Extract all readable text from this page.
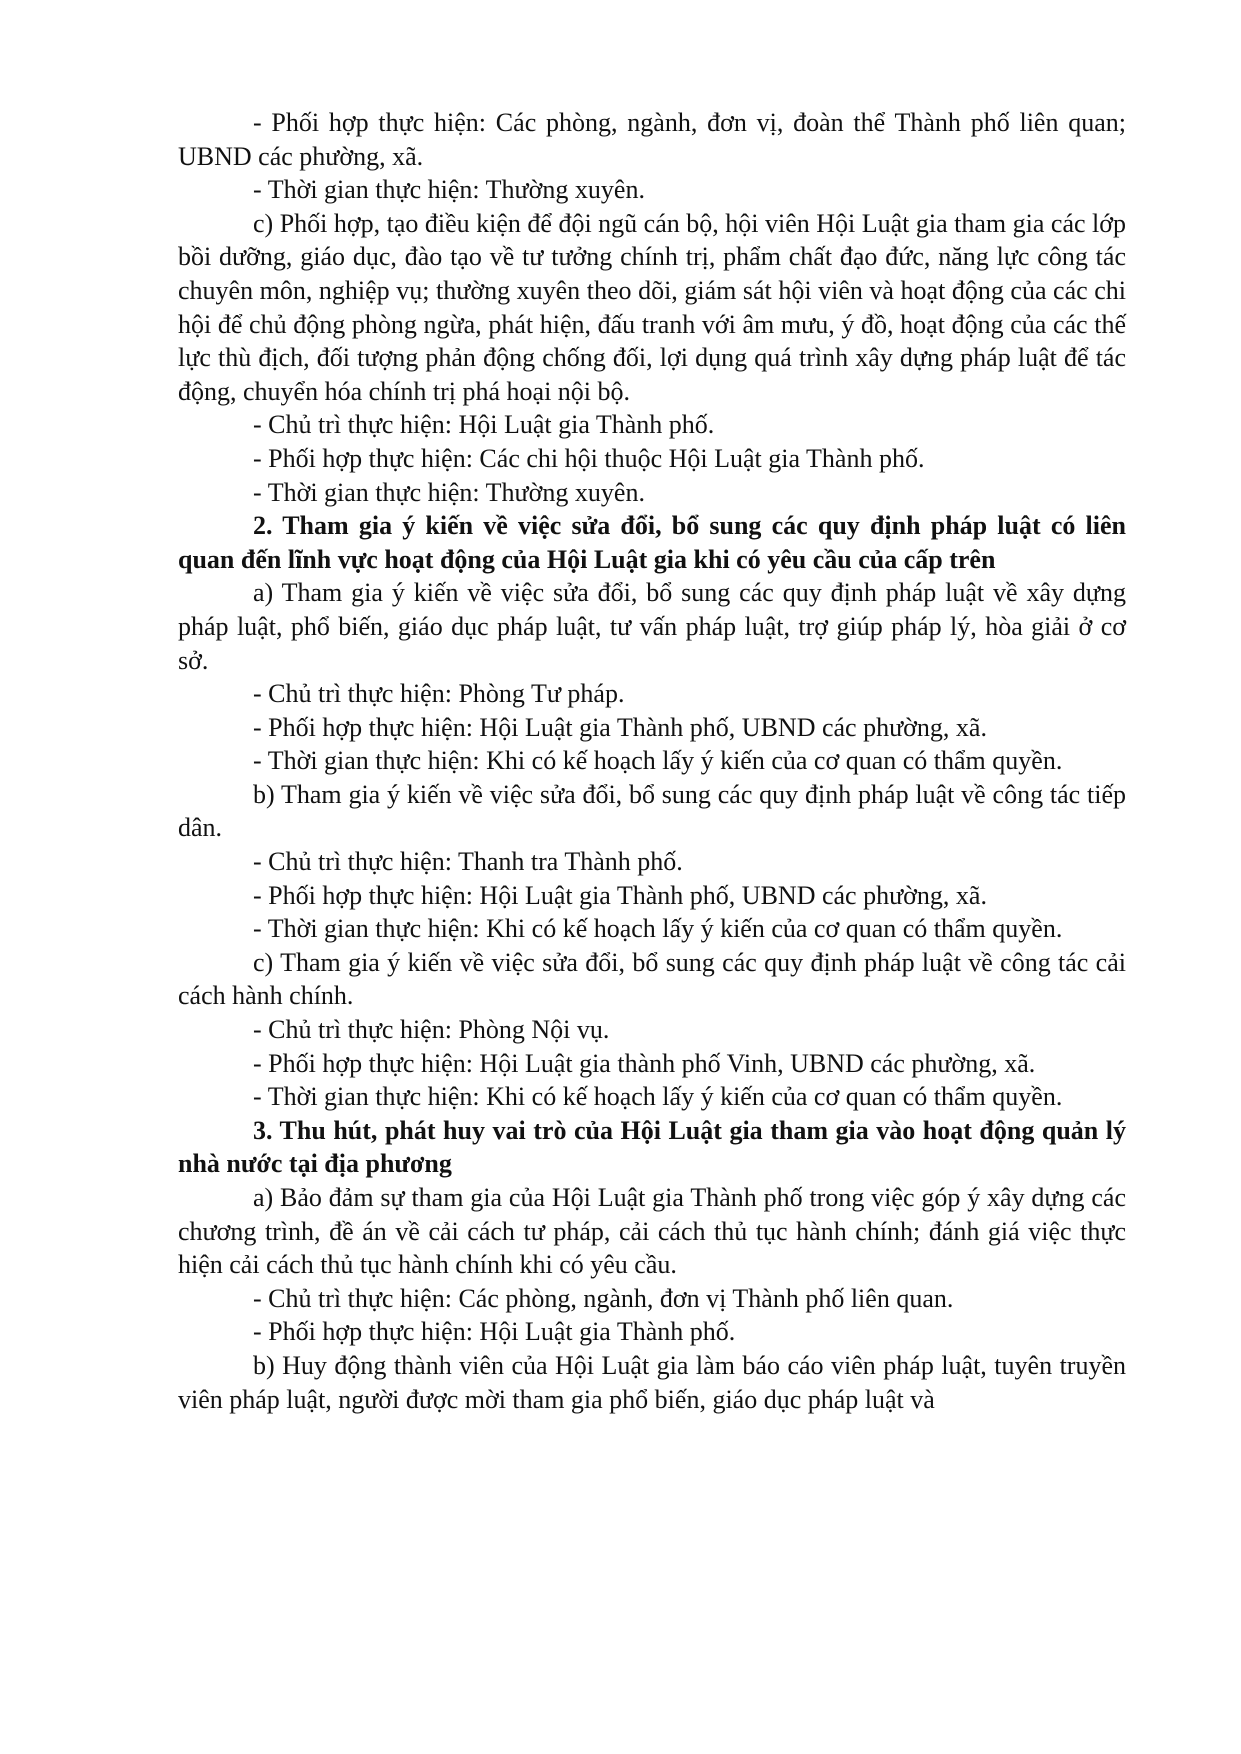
- Phối hợp thực hiện: Các phòng, ngành, đơn vị, đoàn thể Thành phố liên quan; UBND các phường, xã.

- Thời gian thực hiện: Thường xuyên.

c) Phối hợp, tạo điều kiện để đội ngũ cán bộ, hội viên Hội Luật gia tham gia các lớp bồi dưỡng, giáo dục, đào tạo về tư tưởng chính trị, phẩm chất đạo đức, năng lực công tác chuyên môn, nghiệp vụ; thường xuyên theo dõi, giám sát hội viên và hoạt động của các chi hội để chủ động phòng ngừa, phát hiện, đấu tranh với âm mưu, ý đồ, hoạt động của các thế lực thù địch, đối tượng phản động chống đối, lợi dụng quá trình xây dựng pháp luật để tác động, chuyển hóa chính trị phá hoại nội bộ.

- Chủ trì thực hiện: Hội Luật gia Thành phố.

- Phối hợp thực hiện: Các chi hội thuộc Hội Luật gia Thành phố.

- Thời gian thực hiện: Thường xuyên.

2. Tham gia ý kiến về việc sửa đổi, bổ sung các quy định pháp luật có liên quan đến lĩnh vực hoạt động của Hội Luật gia khi có yêu cầu của cấp trên

a) Tham gia ý kiến về việc sửa đổi, bổ sung các quy định pháp luật về xây dựng pháp luật, phổ biến, giáo dục pháp luật, tư vấn pháp luật, trợ giúp pháp lý, hòa giải ở cơ sở.

- Chủ trì thực hiện: Phòng Tư pháp.

- Phối hợp thực hiện: Hội Luật gia Thành phố, UBND các phường, xã.

- Thời gian thực hiện: Khi có kế hoạch lấy ý kiến của cơ quan có thẩm quyền.

b) Tham gia ý kiến về việc sửa đổi, bổ sung các quy định pháp luật về công tác tiếp dân.

- Chủ trì thực hiện: Thanh tra Thành phố.

- Phối hợp thực hiện: Hội Luật gia Thành phố, UBND các phường, xã.

- Thời gian thực hiện: Khi có kế hoạch lấy ý kiến của cơ quan có thẩm quyền.

c) Tham gia ý kiến về việc sửa đổi, bổ sung các quy định pháp luật về công tác cải cách hành chính.

- Chủ trì thực hiện: Phòng Nội vụ.

- Phối hợp thực hiện: Hội Luật gia thành phố Vinh, UBND các phường, xã.

- Thời gian thực hiện: Khi có kế hoạch lấy ý kiến của cơ quan có thẩm quyền.

3. Thu hút, phát huy vai trò của Hội Luật gia tham gia vào hoạt động quản lý nhà nước tại địa phương

a) Bảo đảm sự tham gia của Hội Luật gia Thành phố trong việc góp ý xây dựng các chương trình, đề án về cải cách tư pháp, cải cách thủ tục hành chính; đánh giá việc thực hiện cải cách thủ tục hành chính khi có yêu cầu.

- Chủ trì thực hiện: Các phòng, ngành, đơn vị Thành phố liên quan.

- Phối hợp thực hiện: Hội Luật gia Thành phố.

b) Huy động thành viên của Hội Luật gia làm báo cáo viên pháp luật, tuyên truyền viên pháp luật, người được mời tham gia phổ biến, giáo dục pháp luật và
